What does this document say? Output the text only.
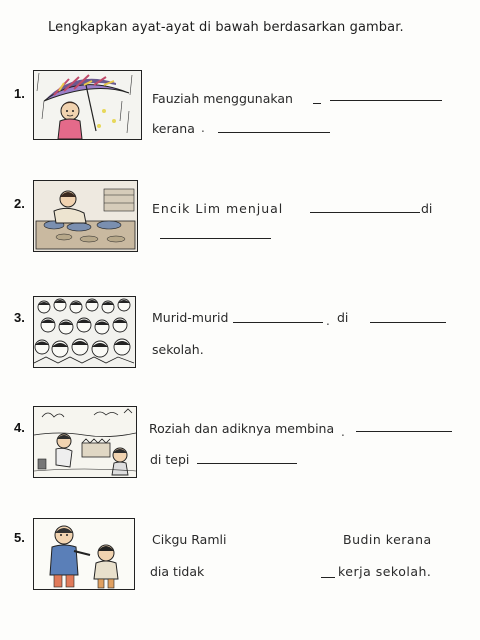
Lengkapkan ayat-ayat di bawah berdasarkan gambar.
1.	Fauziah menggunakan
kerana .
2.	Encik Lim menjual	di
3.	Murid-murid	. di
sekolah.
4.	Roziah dan adiknya membina .
di tepi
5.	Cikgu Ramli	Budin kerana
dia tidak	kerja sekolah.
